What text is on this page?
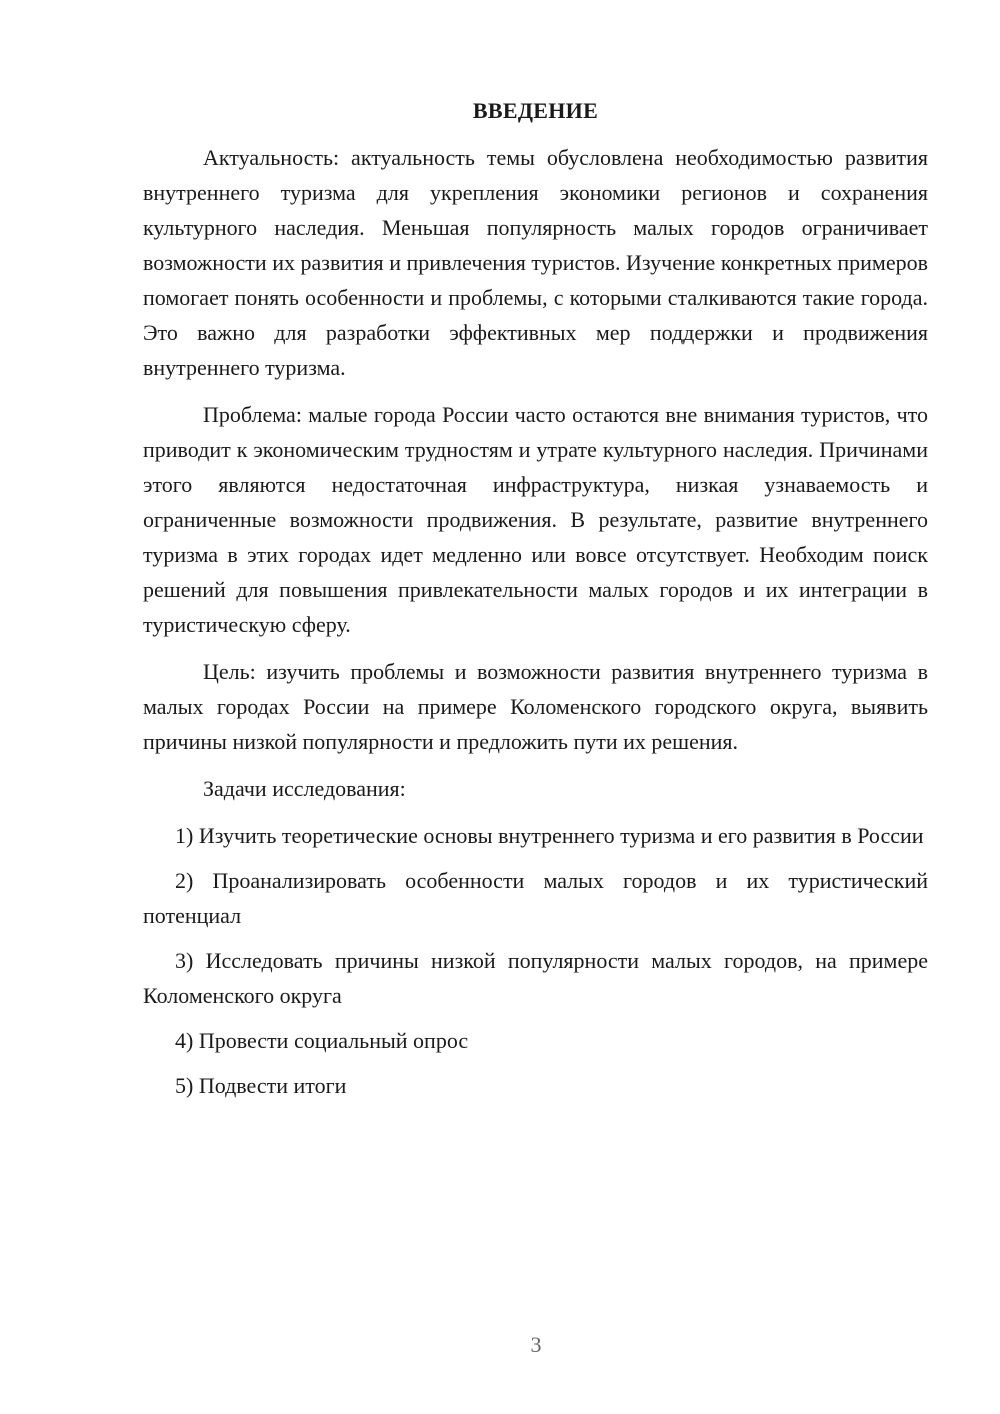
ВВЕДЕНИЕ

Актуальность: актуальность темы обусловлена необходимостью развития внутреннего туризма для укрепления экономики регионов и сохранения культурного наследия. Меньшая популярность малых городов ограничивает возможности их развития и привлечения туристов. Изучение конкретных примеров помогает понять особенности и проблемы, с которыми сталкиваются такие города. Это важно для разработки эффективных мер поддержки и продвижения внутреннего туризма.

Проблема: малые города России часто остаются вне внимания туристов, что приводит к экономическим трудностям и утрате культурного наследия. Причинами этого являются недостаточная инфраструктура, низкая узнаваемость и ограниченные возможности продвижения. В результате, развитие внутреннего туризма в этих городах идет медленно или вовсе отсутствует. Необходим поиск решений для повышения привлекательности малых городов и их интеграции в туристическую сферу.

Цель: изучить проблемы и возможности развития внутреннего туризма в малых городах России на примере Коломенского городского округа, выявить причины низкой популярности и предложить пути их решения.

Задачи исследования:

1) Изучить теоретические основы внутреннего туризма и его развития в России

2) Проанализировать особенности малых городов и их туристический потенциал

3) Исследовать причины низкой популярности малых городов, на примере Коломенского округа

4) Провести социальный опрос

5) Подвести итоги

3
